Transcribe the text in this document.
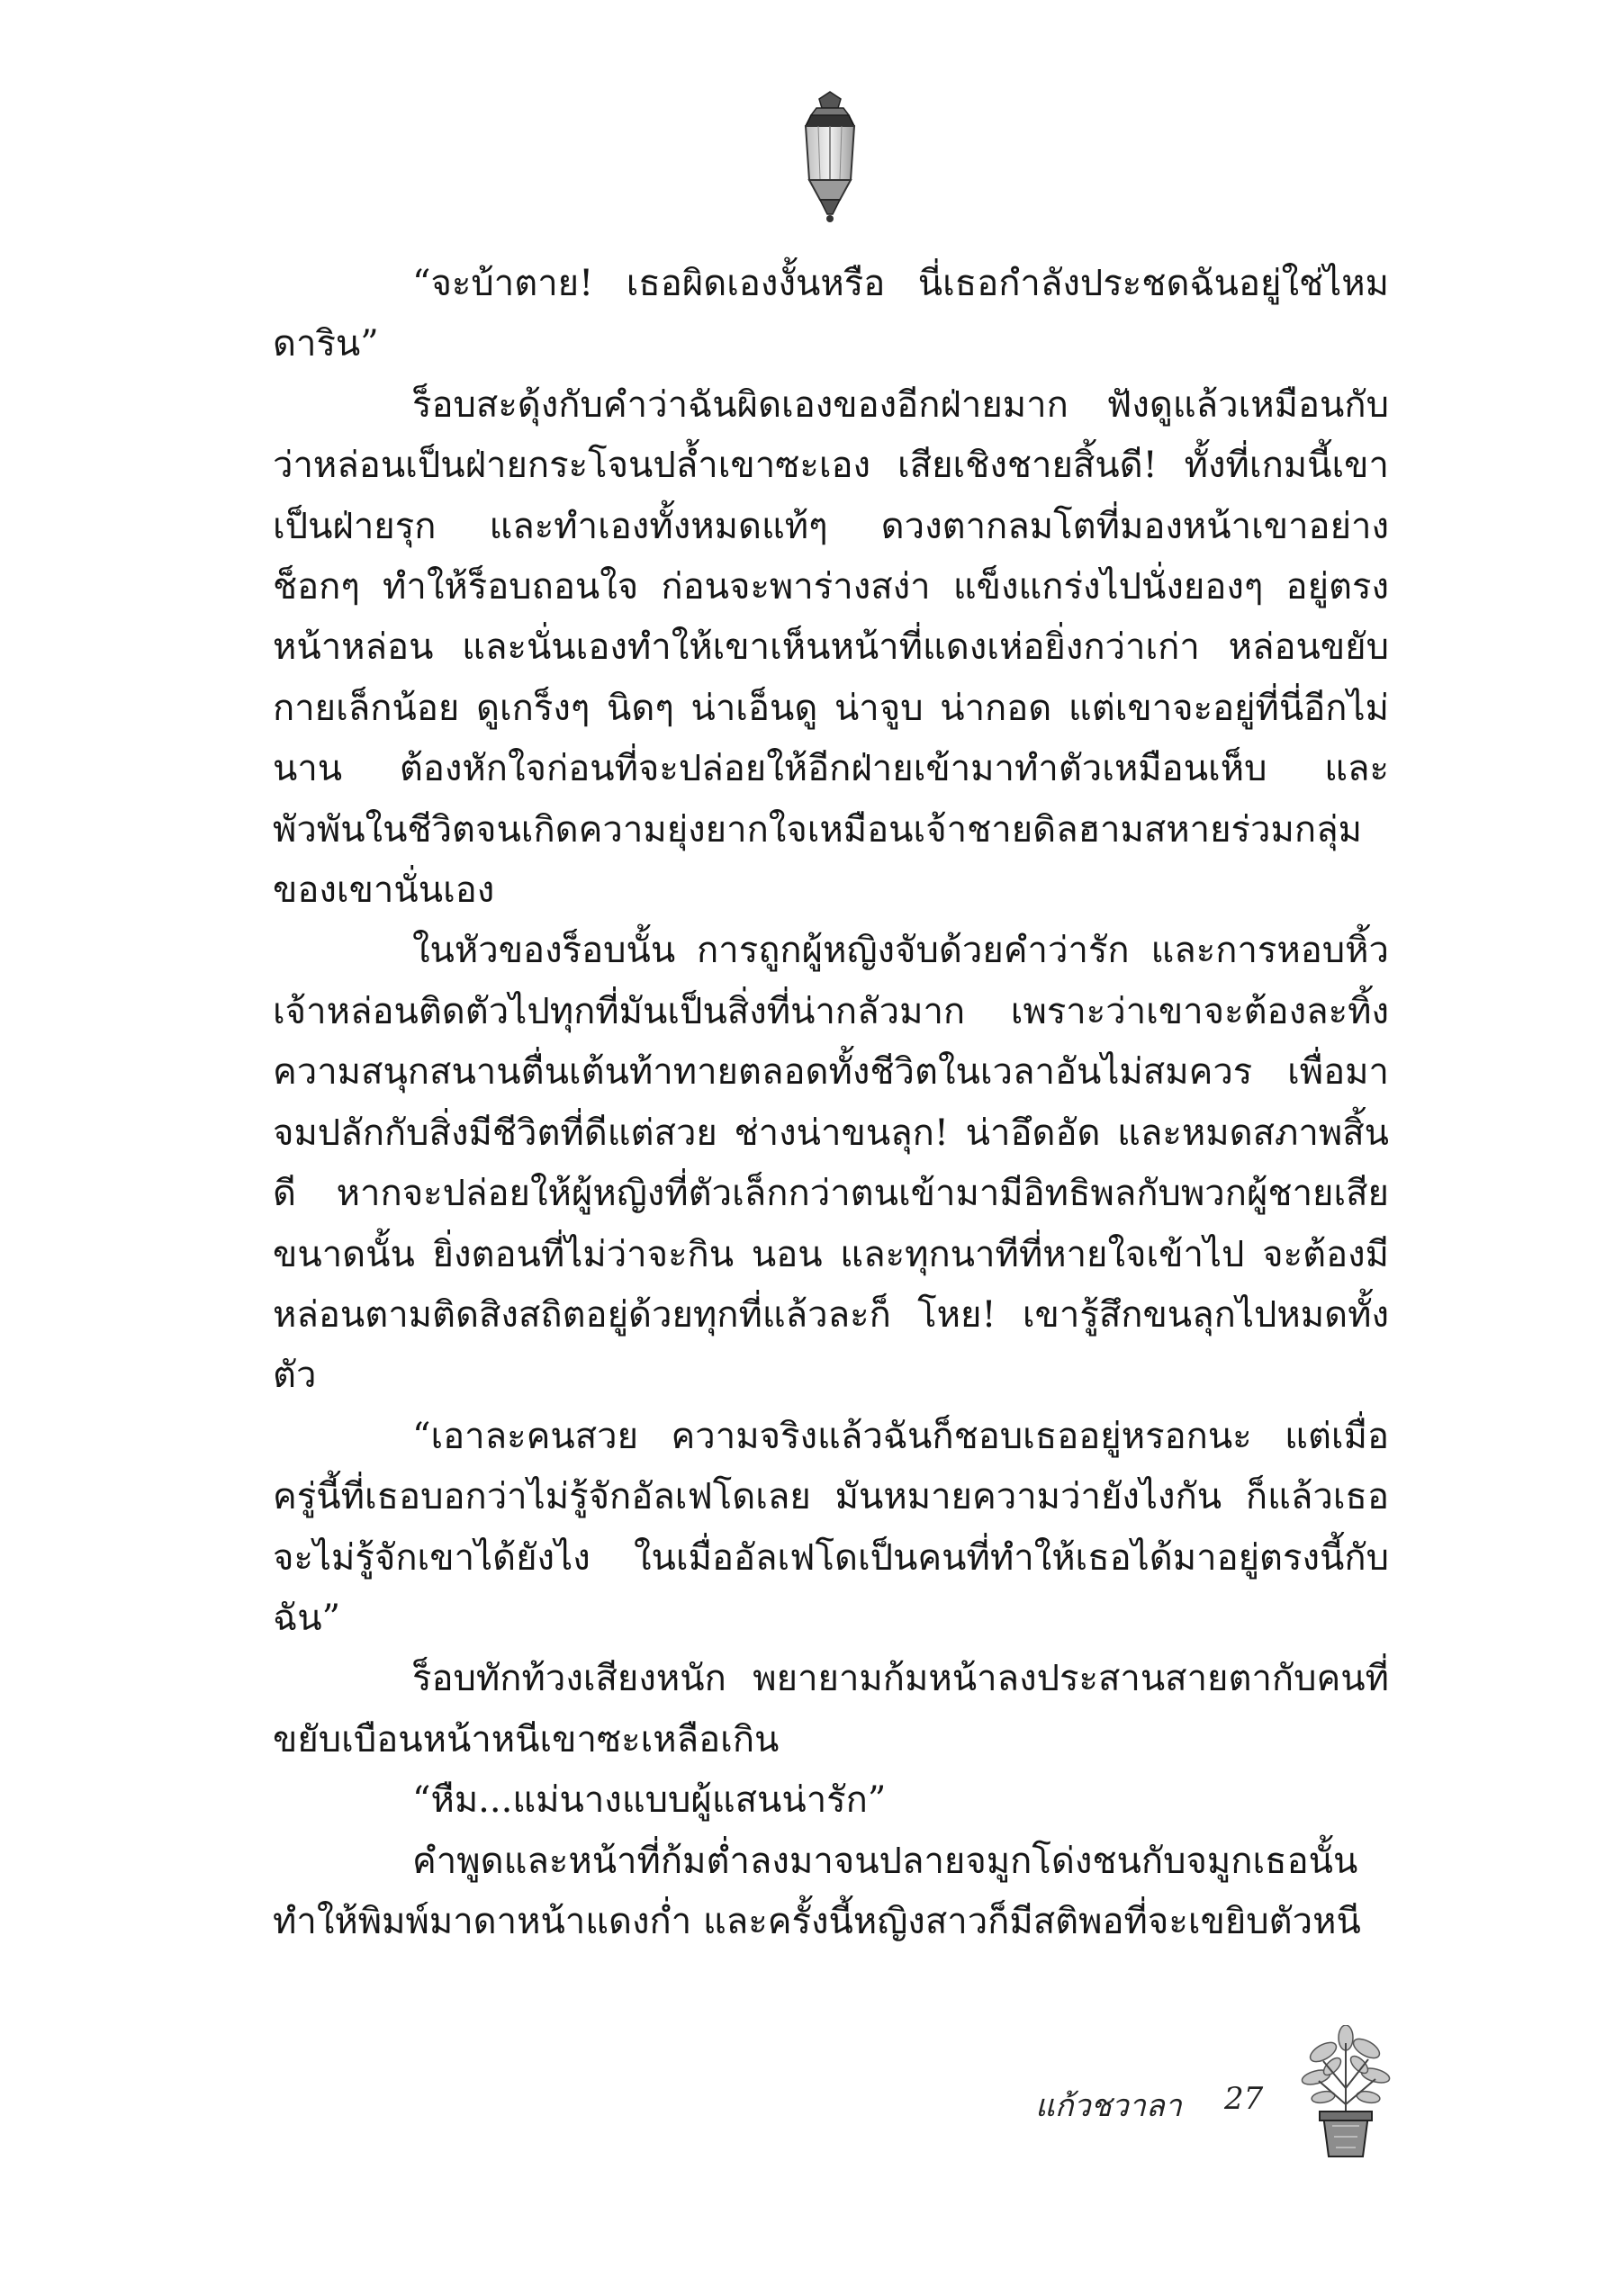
“จะบ้าตาย! เธอผิดเองงั้นหรือ นี่เธอกำลังประชดฉันอยู่ใช่ไหมดาริน”

ร็อบสะดุ้งกับคำว่าฉันผิดเองของอีกฝ่ายมาก ฟังดูแล้วเหมือนกับว่าหล่อนเป็นฝ่ายกระโจนปล้ำเขาซะเอง เสียเชิงชายสิ้นดี! ทั้งที่เกมนี้เขาเป็นฝ่ายรุก และทำเองทั้งหมดแท้ๆ ดวงตากลมโตที่มองหน้าเขาอย่างช็อกๆ ทำให้ร็อบถอนใจ ก่อนจะพาร่างสง่า แข็งแกร่งไปนั่งยองๆ อยู่ตรงหน้าหล่อน และนั่นเองทำให้เขาเห็นหน้าที่แดงเห่อยิ่งกว่าเก่า หล่อนขยับกายเล็กน้อย ดูเกร็งๆ นิดๆ น่าเอ็นดู น่าจูบ น่ากอด แต่เขาจะอยู่ที่นี่อีกไม่นาน ต้องหักใจก่อนที่จะปล่อยให้อีกฝ่ายเข้ามาทำตัวเหมือนเห็บ และพัวพันในชีวิตจนเกิดความยุ่งยากใจเหมือนเจ้าชายดิลฮามสหายร่วมกลุ่มของเขานั่นเอง

ในหัวของร็อบนั้น การถูกผู้หญิงจับด้วยคำว่ารัก และการหอบหิ้วเจ้าหล่อนติดตัวไปทุกที่มันเป็นสิ่งที่น่ากลัวมาก เพราะว่าเขาจะต้องละทิ้งความสนุกสนานตื่นเต้นท้าทายตลอดทั้งชีวิตในเวลาอันไม่สมควร เพื่อมาจมปลักกับสิ่งมีชีวิตที่ดีแต่สวย ช่างน่าขนลุก! น่าอึดอัด และหมดสภาพสิ้นดี หากจะปล่อยให้ผู้หญิงที่ตัวเล็กกว่าตนเข้ามามีอิทธิพลกับพวกผู้ชายเสียขนาดนั้น ยิ่งตอนที่ไม่ว่าจะกิน นอน และทุกนาทีที่หายใจเข้าไป จะต้องมีหล่อนตามติดสิงสถิตอยู่ด้วยทุกที่แล้วละก็ โหย! เขารู้สึกขนลุกไปหมดทั้งตัว

“เอาละคนสวย ความจริงแล้วฉันก็ชอบเธออยู่หรอกนะ แต่เมื่อครู่นี้ที่เธอบอกว่าไม่รู้จักอัลเฟโดเลย มันหมายความว่ายังไงกัน ก็แล้วเธอจะไม่รู้จักเขาได้ยังไง ในเมื่ออัลเฟโดเป็นคนที่ทำให้เธอได้มาอยู่ตรงนี้กับฉัน”

ร็อบทักท้วงเสียงหนัก พยายามก้มหน้าลงประสานสายตากับคนที่ขยับเบือนหน้าหนีเขาซะเหลือเกิน

“หืม...แม่นางแบบผู้แสนน่ารัก”

คำพูดและหน้าที่ก้มต่ำลงมาจนปลายจมูกโด่งชนกับจมูกเธอนั้นทำให้พิมพ์มาดาหน้าแดงก่ำ และครั้งนี้หญิงสาวก็มีสติพอที่จะเขยิบตัวหนี

แก้วชวาลา 27
